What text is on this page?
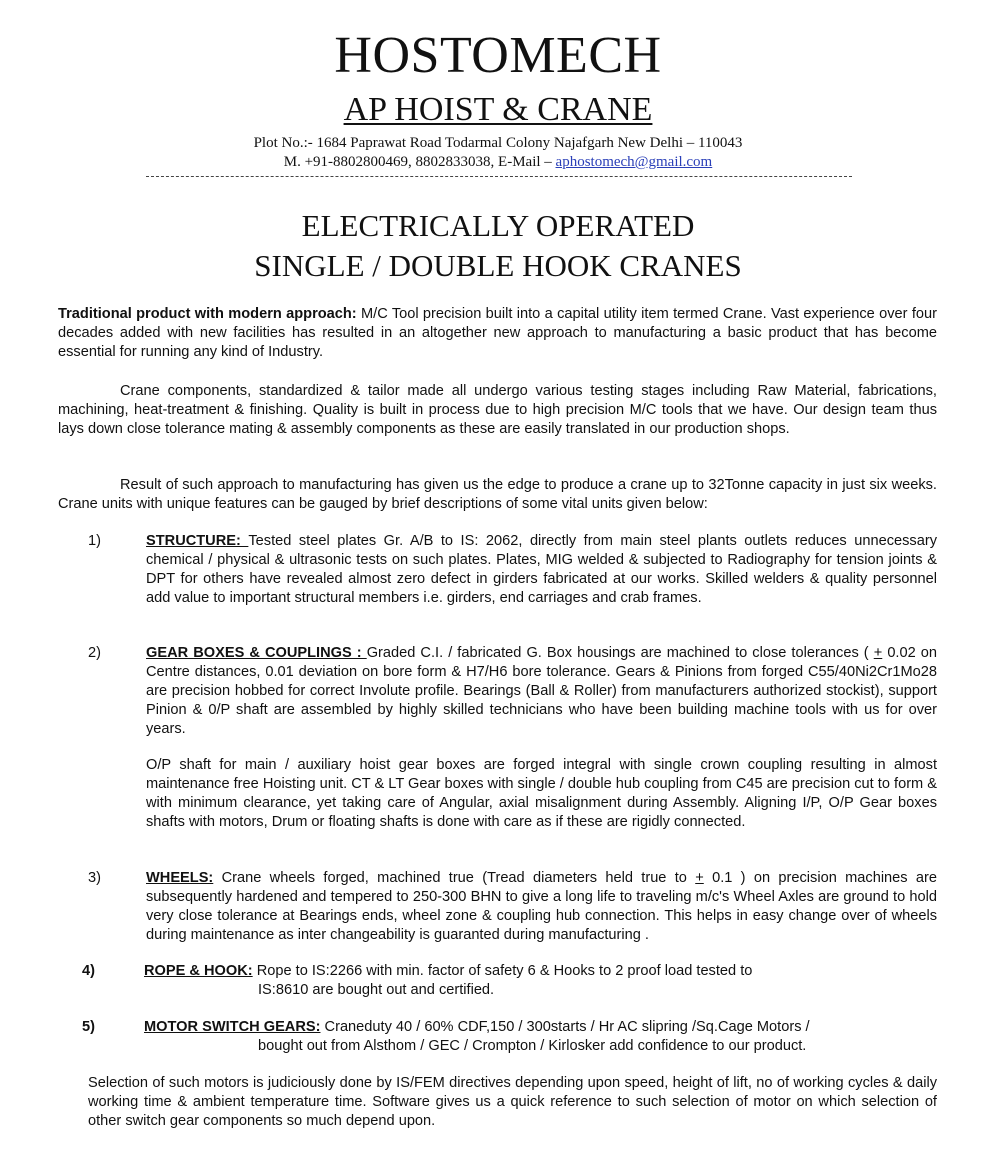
HOSTOMECH
AP HOIST & CRANE
Plot No.:- 1684 Paprawat Road Todarmal Colony Najafgarh New Delhi – 110043
M. +91-8802800469, 8802833038, E-Mail – aphostomech@gmail.com
ELECTRICALLY OPERATED
SINGLE / DOUBLE HOOK CRANES

Traditional product with modern approach: M/C Tool precision built into a capital utility item termed Crane. Vast experience over four decades added with new facilities has resulted in an altogether new approach to manufacturing a basic product that has become essential for running any kind of Industry.

Crane components, standardized & tailor made all undergo various testing stages including Raw Material, fabrications, machining, heat-treatment & finishing. Quality is built in process due to high precision M/C tools that we have. Our design team thus lays down close tolerance mating & assembly components as these are easily translated in our production shops.

Result of such approach to manufacturing has given us the edge to produce a crane up to 32Tonne capacity in just six weeks. Crane units with unique features can be gauged by brief descriptions of some vital units given below:

1)	STRUCTURE: Tested steel plates Gr. A/B to IS: 2062, directly from main steel plants outlets reduces unnecessary chemical / physical & ultrasonic tests on such plates. Plates, MIG welded & subjected to Radiography for tension joints & DPT for others have revealed almost zero defect in girders fabricated at our works. Skilled welders & quality personnel add value to important structural members i.e. girders, end carriages and crab frames.

2)	GEAR BOXES & COUPLINGS : Graded C.I. / fabricated G. Box housings are machined to close tolerances ( + 0.02 on Centre distances, 0.01 deviation on bore form & H7/H6 bore tolerance. Gears & Pinions from forged C55/40Ni2Cr1Mo28 are precision hobbed for correct Involute profile. Bearings (Ball & Roller) from manufacturers authorized stockist), support Pinion & 0/P shaft are assembled by highly skilled technicians who have been building machine tools with us for over years.

O/P shaft for main / auxiliary hoist gear boxes are forged integral with single crown coupling resulting in almost maintenance free Hoisting unit. CT & LT Gear boxes with single / double hub coupling from C45 are precision cut to form & with minimum clearance, yet taking care of Angular, axial misalignment during Assembly. Aligning I/P, O/P Gear boxes shafts with motors, Drum or floating shafts is done with care as if these are rigidly connected.

3)	WHEELS: Crane wheels forged, machined true (Tread diameters held true to + 0.1 ) on precision machines are subsequently hardened and tempered to 250-300 BHN to give a long life to traveling m/c's Wheel Axles are ground to hold very close tolerance at Bearings ends, wheel zone & coupling hub connection. This helps in easy change over of wheels during maintenance as inter changeability is guaranted during manufacturing .

4)	ROPE & HOOK: Rope to IS:2266 with min. factor of safety 6 & Hooks to 2 proof load tested to

IS:8610 are bought out and certified.

5)	MOTOR SWITCH GEARS: Craneduty 40 / 60% CDF,150 / 300starts / Hr AC slipring /Sq.Cage Motors /

bought out from Alsthom / GEC / Crompton / Kirlosker add confidence to our product.

Selection of such motors is judiciously done by IS/FEM directives depending upon speed, height of lift, no of working cycles & daily working time & ambient temperature time. Software gives us a quick reference to such selection of motor on which selection of other switch gear components so much depend upon.
